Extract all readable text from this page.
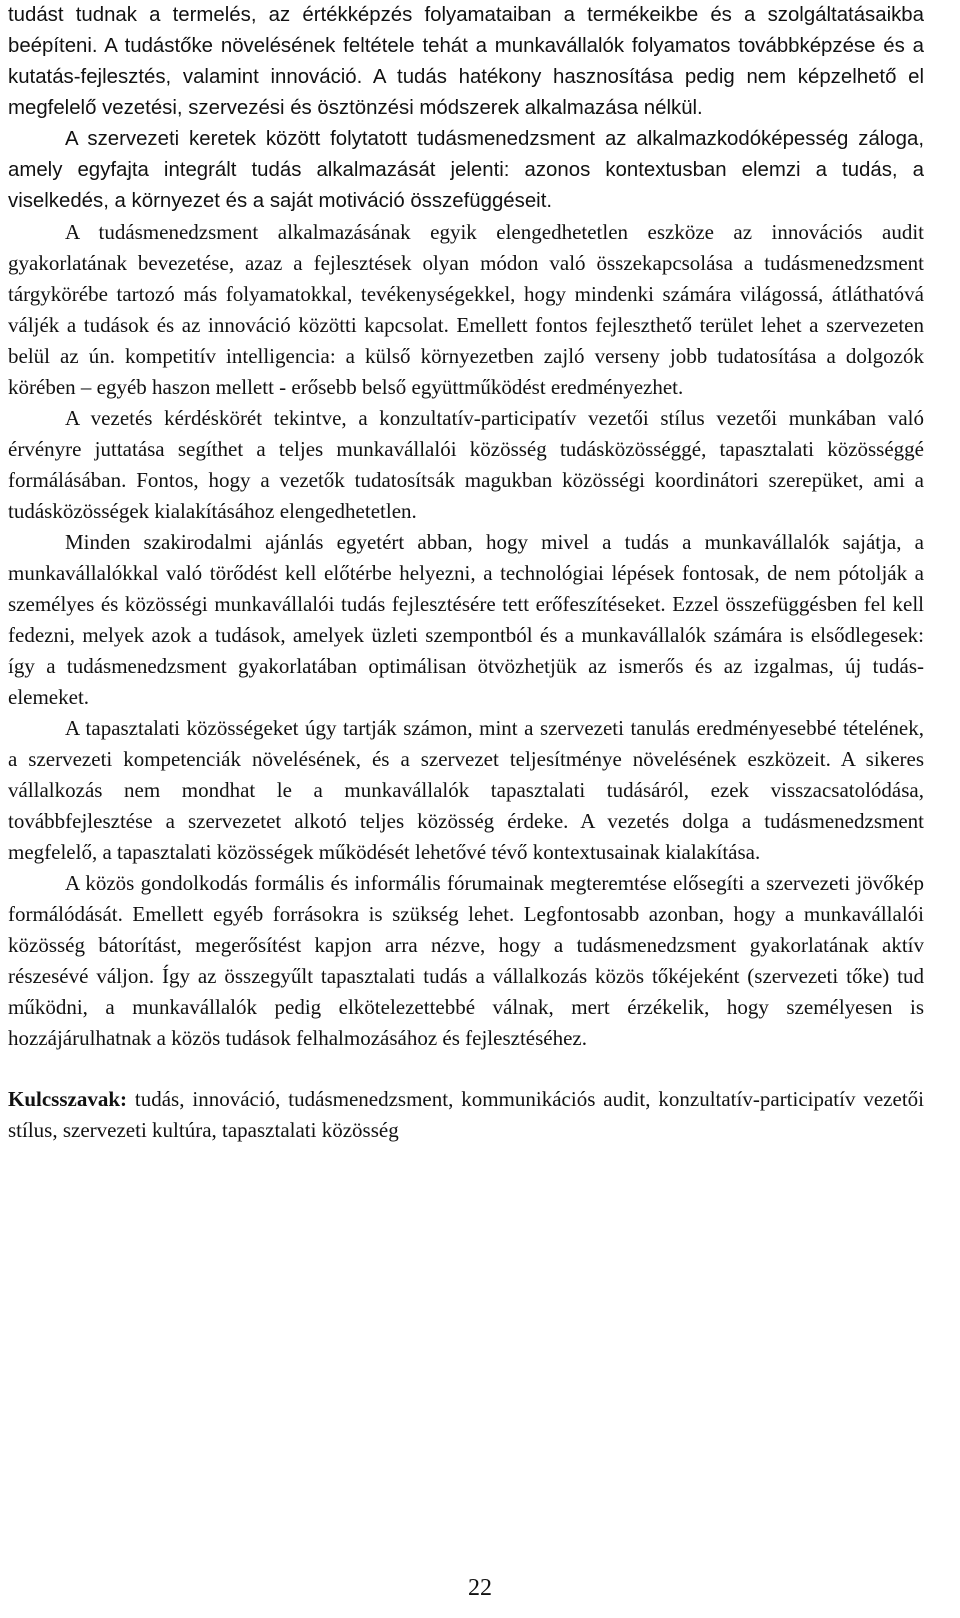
tudást tudnak a termelés, az értékképzés folyamataiban a termékeikbe és a szolgáltatásaikba beépíteni. A tudástőke növelésének feltétele tehát a munkavállalók folyamatos továbbképzése és a kutatás-fejlesztés, valamint innováció. A tudás hatékony hasznosítása pedig nem képzelhető el megfelelő vezetési, szervezési és ösztönzési módszerek alkalmazása nélkül.

A szervezeti keretek között folytatott tudásmenedzsment az alkalmazkodóképesség záloga, amely egyfajta integrált tudás alkalmazását jelenti: azonos kontextusban elemzi a tudás, a viselkedés, a környezet és a saját motiváció összefüggéseit.

A tudásmenedzsment alkalmazásának egyik elengedhetetlen eszköze az innovációs audit gyakorlatának bevezetése, azaz a fejlesztések olyan módon való összekapcsolása a tudásmenedzsment tárgykörébe tartozó más folyamatokkal, tevékenységekkel, hogy mindenki számára világossá, átláthatóvá váljék a tudások és az innováció közötti kapcsolat. Emellett fontos fejleszthető terület lehet a szervezeten belül az ún. kompetitív intelligencia: a külső környezetben zajló verseny jobb tudatosítása a dolgozók körében – egyéb haszon mellett - erősebb belső együttműködést eredményezhet.

A vezetés kérdéskörét tekintve, a konzultatív-participatív vezetői stílus vezetői munkában való érvényre juttatása segíthet a teljes munkavállalói közösség tudásközösséggé, tapasztalati közösséggé formálásában. Fontos, hogy a vezetők tudatosítsák magukban közösségi koordinátori szerepüket, ami a tudásközösségek kialakításához elengedhetetlen.

Minden szakirodalmi ajánlás egyetért abban, hogy mivel a tudás a munkavállalók sajátja, a munkavállalókkal való törődést kell előtérbe helyezni, a technológiai lépések fontosak, de nem pótolják a személyes és közösségi munkavállalói tudás fejlesztésére tett erőfeszítéseket. Ezzel összefüggésben fel kell fedezni, melyek azok a tudások, amelyek üzleti szempontból és a munkavállalók számára is elsődlegesek: így a tudásmenedzsment gyakorlatában optimálisan ötvözhetjük az ismerős és az izgalmas, új tudás-elemeket.

A tapasztalati közösségeket úgy tartják számon, mint a szervezeti tanulás eredményesebbé tételének, a szervezeti kompetenciák növelésének, és a szervezet teljesítménye növelésének eszközeit. A sikeres vállalkozás nem mondhat le a munkavállalók tapasztalati tudásáról, ezek visszacsatolódása, továbbfejlesztése a szervezetet alkotó teljes közösség érdeke. A vezetés dolga a tudásmenedzsment megfelelő, a tapasztalati közösségek működését lehetővé tévő kontextusainak kialakítása.

A közös gondolkodás formális és informális fórumainak megteremtése elősegíti a szervezeti jövőkép formálódását. Emellett egyéb forrásokra is szükség lehet. Legfontosabb azonban, hogy a munkavállalói közösség bátorítást, megerősítést kapjon arra nézve, hogy a tudásmenedzsment gyakorlatának aktív részesévé váljon. Így az összegyűlt tapasztalati tudás a vállalkozás közös tőkéjeként (szervezeti tőke) tud működni, a munkavállalók pedig elkötelezettebbé válnak, mert érzékelik, hogy személyesen is hozzájárulhatnak a közös tudások felhalmozásához és fejlesztéséhez.

Kulcsszavak: tudás, innováció, tudásmenedzsment, kommunikációs audit, konzultatív-participatív vezetői stílus, szervezeti kultúra, tapasztalati közösség

22
